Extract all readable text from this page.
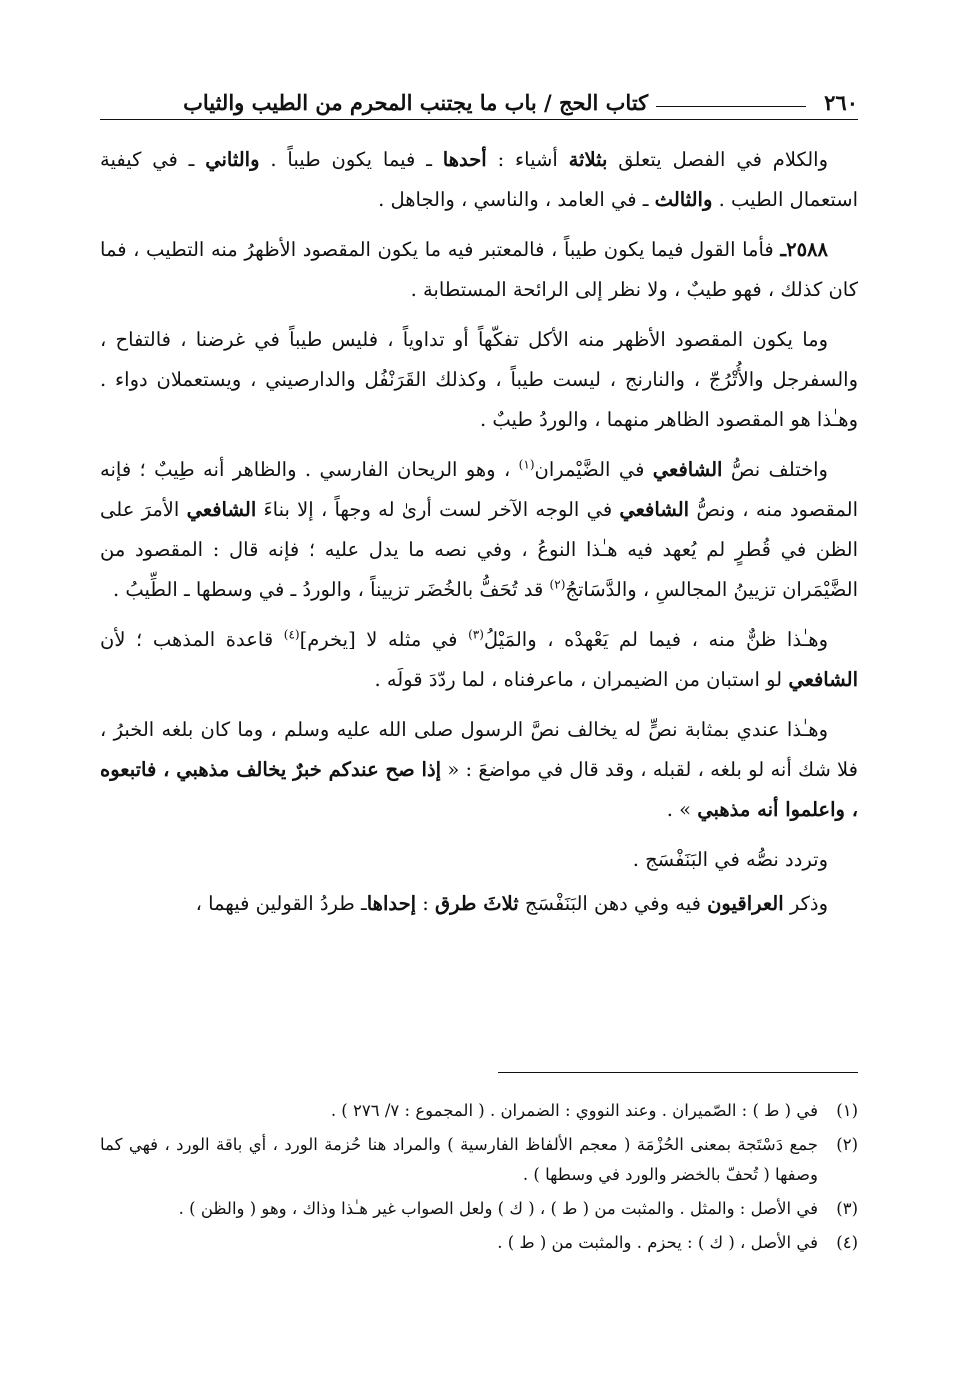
٢٦٠
كتاب الحج / باب ما يجتنب المحرم من الطيب والثياب

والكلام في الفصل يتعلق بثلاثة أشياء : أحدها ـ فيما يكون طيباً . والثاني ـ في كيفية استعمال الطيب . والثالث ـ في العامد ، والناسي ، والجاهل .

٢٥٨٨ـ فأما القول فيما يكون طيباً ، فالمعتبر فيه ما يكون المقصود الأظهرُ منه التطيب ، فما كان كذلك ، فهو طيبٌ ، ولا نظر إلى الرائحة المستطابة .

وما يكون المقصود الأظهر منه الأكل تفكّهاً أو تداوياً ، فليس طيباً في غرضنا ، فالتفاح ، والسفرجل والأُتْرُجّ ، والنارنج ، ليست طيباً ، وكذلك القَرَنْفُل والدارصيني ، ويستعملان دواء . وهـٰذا هو المقصود الظاهر منهما ، والوردُ طيبٌ .

واختلف نصُّ الشافعي في الضَّيْمران$^{(١)}$ ، وهو الريحان الفارسي . والظاهر أنه طِيبٌ ؛ فإنه المقصود منه ، ونصُّ الشافعي في الوجه الآخر لست أرىٰ له وجهاً ، إلا بناءَ الشافعي الأمرَ على الظن في قُطرٍ لم يُعهد فيه هـٰذا النوعُ ، وفي نصه ما يدل عليه ؛ فإنه قال : المقصود من الضَّيْمَران تزيينُ المجالسِ ، والدَّسَاتجُ$^{(٢)}$ قد تُحَفُّ بالخُضَر تزييناً ، والوردُ ـ في وسطها ـ الطِّيبُ .

وهـٰذا ظنٌّ منه ، فيما لم يَعْهدْه ، والمَيْلُ$^{(٣)}$ في مثله لا [يخرم]$^{(٤)}$ قاعدة المذهب ؛ لأن الشافعي لو استبان من الضيمران ، ماعرفناه ، لما ردّدَ قولَه .

وهـٰذا عندي بمثابة نصٍّ له يخالف نصَّ الرسول صلى الله عليه وسلم ، وما كان بلغه الخبرُ ، فلا شك أنه لو بلغه ، لقبله ، وقد قال في مواضعَ : « إذا صح عندكم خبرٌ يخالف مذهبي ، فاتبعوه ، واعلموا أنه مذهبي » .

وتردد نصُّه في البَنَفْسَج .

وذكر العراقيون فيه وفي دهن البَنَفْسَج ثلاثَ طرق : إحداهاـ طردُ القولين فيهما ،

(١)
في ( ط ) : الصّميران . وعند النووي : الضمران . ( المجموع : ٧/ ٢٧٦ ) .
(٢)
جمع دَسْتَجة بمعنى الحُزْمَة ( معجم الألفاظ الفارسية ) والمراد هنا حُزمة الورد ، أي باقة الورد ، فهي كما وصفها ( تُحفّ بالخضر والورد في وسطها ) .
(٣)
في الأصل : والمثل . والمثبت من ( ط ) ، ( ك ) ولعل الصواب غير هـٰذا وذاك ، وهو ( والظن ) .
(٤)
في الأصل ، ( ك ) : يحزم . والمثبت من ( ط ) .
